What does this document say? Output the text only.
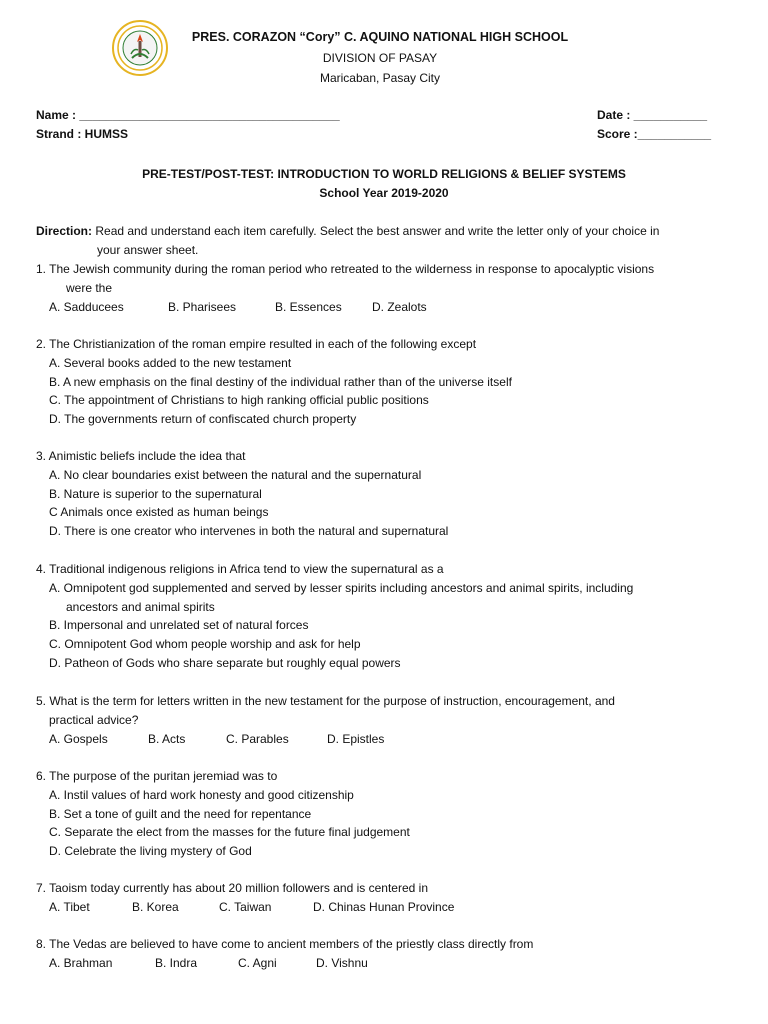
PRES. CORAZON “Cory” C. AQUINO NATIONAL HIGH SCHOOL
DIVISION OF PASAY
Maricaban, Pasay City
Name : _______________________________________
Strand : HUMSS
Date : ___________
Score :___________
PRE-TEST/POST-TEST: INTRODUCTION TO WORLD RELIGIONS & BELIEF SYSTEMS
School Year 2019-2020
Direction: Read and understand each item carefully. Select the best answer and write the letter only of your choice in
your answer sheet.
1. The Jewish community during the roman period who retreated to the wilderness in response to apocalyptic visions
were the
A. Sadducees	B. Pharisees	B. Essences	D. Zealots
2. The Christianization of the roman empire resulted in each of the following except
A. Several books added to the new testament
B. A new emphasis on the final destiny of the individual rather than of the universe itself
C. The appointment of Christians to high ranking official public positions
D. The governments return of confiscated church property
3. Animistic beliefs include the idea that
A. No clear boundaries exist between the natural and the supernatural
B. Nature is superior to the supernatural
C Animals once existed as human beings
D. There is one creator who intervenes in both the natural and supernatural
4. Traditional indigenous religions in Africa tend to view the supernatural as a
A. Omnipotent god supplemented and served by lesser spirits including ancestors and animal spirits, including
ancestors and animal spirits
B. Impersonal and unrelated set of natural forces
C. Omnipotent God whom people worship and ask for help
D. Patheon of Gods who share separate but roughly equal powers
5. What is the term for letters written in the new testament for the purpose of instruction, encouragement, and
practical advice?
A. Gospels	B. Acts	C. Parables	D. Epistles
6. The purpose of the puritan jeremiad was to
A. Instil values of hard work honesty and good citizenship
B. Set a tone of guilt and the need for repentance
C. Separate the elect from the masses for the future final judgement
D. Celebrate the living mystery of God
7. Taoism today currently has about 20 million followers and is centered in
A. Tibet	B. Korea	C. Taiwan	D. Chinas Hunan Province
8. The Vedas are believed to have come to ancient members of the priestly class directly from
A. Brahman	B. Indra	C. Agni	D. Vishnu
